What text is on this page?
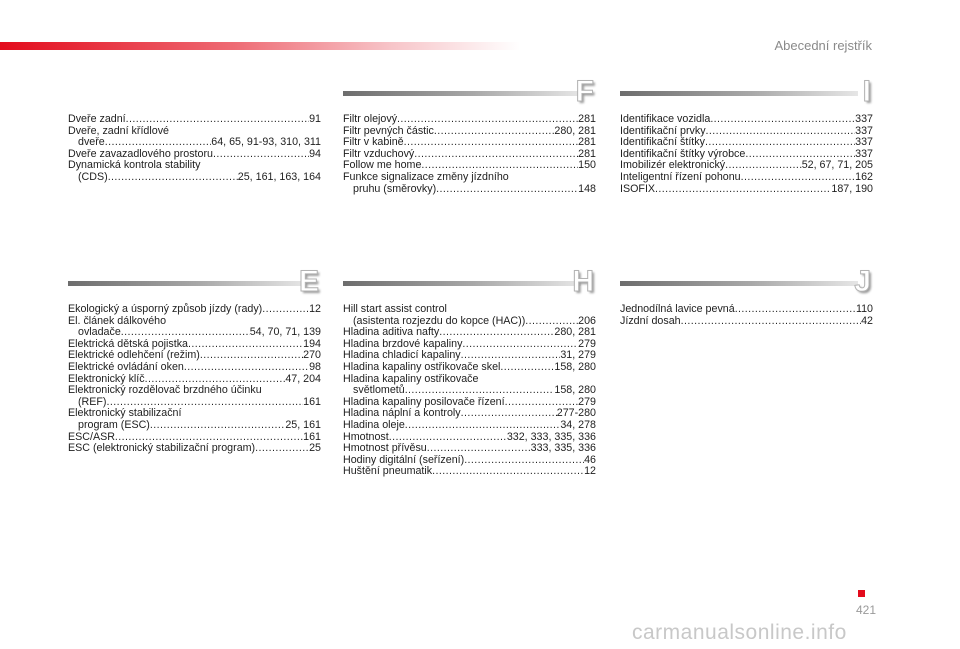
Abecední rejstřík
Dveře zadní .....	91
Dveře, zadní křídlové
dveře .....	64, 65, 91-93, 310, 311
Dveře zavazadlového prostoru .....	94
Dynamická kontrola stability
(CDS) .....	25, 161, 163, 164
F
Filtr olejový .....	281
Filtr pevných částic .....	280, 281
Filtr v kabině .....	281
Filtr vzduchový .....	281
Follow me home .....	150
Funkce signalizace změny jízdního
pruhu (směrovky) .....	148
I
Identifikace vozidla .....	337
Identifikační prvky .....	337
Identifikační štítky .....	337
Identifikační štítky výrobce .....	337
Imobilizér elektronický .....	52, 67, 71, 205
Inteligentní řízení pohonu .....	162
ISOFIX .....	187, 190
E
Ekologický a úsporný způsob jízdy (rady) .....	12
El. článek dálkového
ovladače .....	54, 70, 71, 139
Elektrická dětská pojistka .....	194
Elektrické odlehčení (režim) .....	270
Elektrické ovládání oken .....	98
Elektronický klíč .....	47, 204
Elektronický rozdělovač brzdného účinku
(REF) .....	161
Elektronický stabilizační
program (ESC) .....	25, 161
ESC/ASR .....	161
ESC (elektronický stabilizační program) .....	25
H
Hill start assist control
(asistenta rozjezdu do kopce (HAC)) .....	206
Hladina aditiva nafty .....	280, 281
Hladina brzdové kapaliny .....	279
Hladina chladicí kapaliny .....	31, 279
Hladina kapaliny ostřikovače skel .....	158, 280
Hladina kapaliny ostřikovače
světlometů .....	158, 280
Hladina kapaliny posilovače řízení .....	279
Hladina náplní a kontroly .....	277-280
Hladina oleje .....	34, 278
Hmotnost .....	332, 333, 335, 336
Hmotnost přívěsu .....	333, 335, 336
Hodiny digitální (seřízení) .....	46
Huštění pneumatik .....	12
J
Jednodílná lavice pevná .....	110
Jízdní dosah .....	42
421
carmanualsonline.info
